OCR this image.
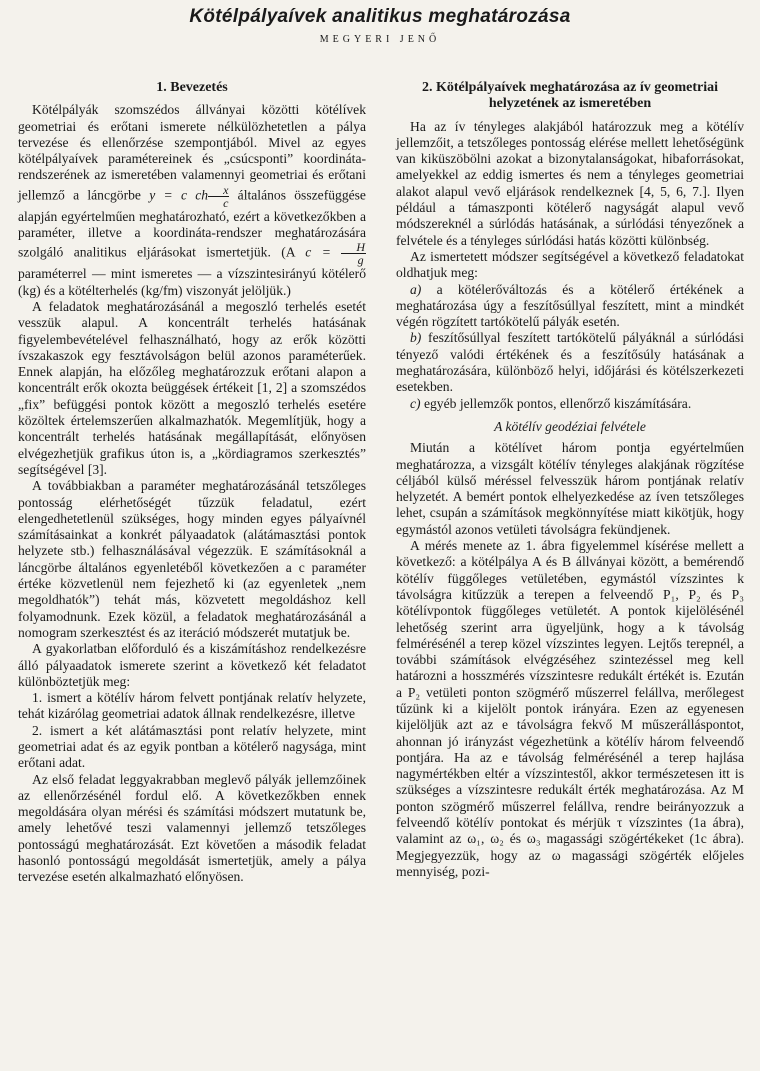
Kötélpályaívek analitikus meghatározása
MEGYERI JENŐ
1. Bevezetés

Kötélpályák szomszédos állványai közötti kötélívek geometriai és erőtani ismerete nélkülözhetetlen a pálya tervezése és ellenőrzése szempontjából. Mivel az egyes kötélpályaívek paramétereinek és „csúcsponti” koordináta-rendszerének az ismeretében valamennyi geometriai és erőtani jellemző a láncgörbe y = c ch $\frac{x}{c}$ általános összefüggése alapján egyértelműen meghatározható, ezért a következőkben a paraméter, illetve a koordináta-rendszer meghatározására szolgáló analitikus eljárásokat ismertetjük. (A $c = \frac{H}{g}$
paraméterrel — mint ismeretes — a vízszintesirányú kötélerő (kg) és a kötélterhelés (kg/fm) viszonyát jelöljük.)

A feladatok meghatározásánál a megoszló terhelés esetét vesszük alapul. A koncentrált terhelés hatásának figyelembevételével felhasználható, hogy az erők közötti ívszakaszok egy fesztávolságon belül azonos paraméterűek. Ennek alapján, ha előzőleg meghatározzuk erőtani alapon a koncentrált erők okozta beüggések értékeit [1, 2] a szomszédos „fix” befüggési pontok között a megoszló terhelés esetére közöltek értelemszerűen alkalmazhatók. Megemlítjük, hogy a koncentrált terhelés hatásának megállapítását, előnyösen elvégezhetjük grafikus úton is, a „kördiagramos szerkesztés” segítségével [3].

A továbbiakban a paraméter meghatározásánál tetszőleges pontosság elérhetőségét tűzzük feladatul, ezért elengedhetetlenül szükséges, hogy minden egyes pályaívnél számításainkat a konkrét pályaadatok (alátámasztási pontok helyzete stb.) felhasználásával végezzük. E számításoknál a láncgörbe általános egyenletéből következően a c paraméter értéke közvetlenül nem fejezhető ki (az egyenletek „nem megoldhatók”) tehát más, közvetett megoldáshoz kell folyamodnunk. Ezek közül, a feladatok meghatározásánál a nomogram szerkesztést és az iteráció módszerét mutatjuk be.

A gyakorlatban előforduló és a kiszámításhoz rendelkezésre álló pályaadatok ismerete szerint a következő két feladatot különböztetjük meg:

1. ismert a kötélív három felvett pontjának relatív helyzete, tehát kizárólag geometriai adatok állnak rendelkezésre, illetve

2. ismert a két alátámasztási pont relatív helyzete, mint geometriai adat és az egyik pontban a kötélerő nagysága, mint erőtani adat.

Az első feladat leggyakrabban meglevő pályák jellemzőinek az ellenőrzésénél fordul elő. A következőkben ennek megoldására olyan mérési és számítási módszert mutatunk be, amely lehetővé teszi valamennyi jellemző tetszőleges pontosságú meghatározását. Ezt követően a második feladat hasonló pontosságú megoldását ismertetjük, amely a pálya tervezése esetén alkalmazható előnyösen.

2. Kötélpályaívek meghatározása az ív geometriai helyzetének az ismeretében

Ha az ív tényleges alakjából határozzuk meg a kötélív jellemzőit, a tetszőleges pontosság elérése mellett lehetőségünk van kiküszöbölni azokat a bizonytalanságokat, hibaforrásokat, amelyekkel az eddig ismertes és nem a tényleges geometriai alakot alapul vevő eljárások rendelkeznek [4, 5, 6, 7.]. Ilyen például a támaszponti kötélerő nagyságát alapul vevő módszereknél a súrlódás hatásának, a súrlódási tényezőnek a felvétele és a tényleges súrlódási hatás közötti különbség.

Az ismertetett módszer segítségével a következő feladatokat oldhatjuk meg:

a) a kötélerőváltozás és a kötélerő értékének a meghatározása úgy a feszítősúllyal feszített, mint a mindkét végén rögzített tartókötelű pályák esetén.

b) feszítősúllyal feszített tartókötelű pályáknál a súrlódási tényező valódi értékének és a feszítősúly hatásának a meghatározására, különböző helyi, időjárási és kötélszerkezeti esetekben.

c) egyéb jellemzők pontos, ellenőrző kiszámítására.

A kötélív geodéziai felvétele

Miután a kötélívet három pontja egyértelműen meghatározza, a vizsgált kötélív tényleges alakjának rögzítése céljából külső méréssel felvesszük három pontjának relatív helyzetét. A bemért pontok elhelyezkedése az íven tetszőleges lehet, csupán a számítások megkönnyítése miatt kikötjük, hogy egymástól azonos vetületi távolságra fekündjenek.

A mérés menete az 1. ábra figyelemmel kísérése mellett a következő: a kötélpálya A és B állványai között, a bemérendő kötélív függőleges vetületében, egymástól vízszintes k távolságra kitűzzük a terepen a felveendő P₁, P₂ és P₃ kötélívpontok függőleges vetületét. A pontok kijelölésénél lehetőség szerint arra ügyeljünk, hogy a k távolság felmérésénél a terep közel vízszintes legyen. Lejtős terepnél, a további számítások elvégzéséhez szintezéssel meg kell határozni a hosszmérés vízszintesre redukált értékét is. Ezután a P₂ vetületi ponton szögmérő műszerrel felállva, merőlegest tűzünk ki a kijelölt pontok irányára. Ezen az egyenesen kijelöljük azt az e távolságra fekvő M műszerálláspontot, ahonnan jó irányzást végezhetünk a kötélív három felveendő pontjára. Ha az e távolság felmérésénél a terep hajlása nagymértékben eltér a vízszintestől, akkor természetesen itt is szükséges a vízszintesre redukált érték meghatározása. Az M ponton szögmérő műszerrel felállva, rendre beirányozzuk a felveendő kötélív pontokat és mérjük τ vízszintes (1a ábra), valamint az ω₁, ω₂ és ω₃ magassági szögértékeket (1c ábra). Megjegyezzük, hogy az ω magassági szögérték előjeles mennyiség, pozi-
